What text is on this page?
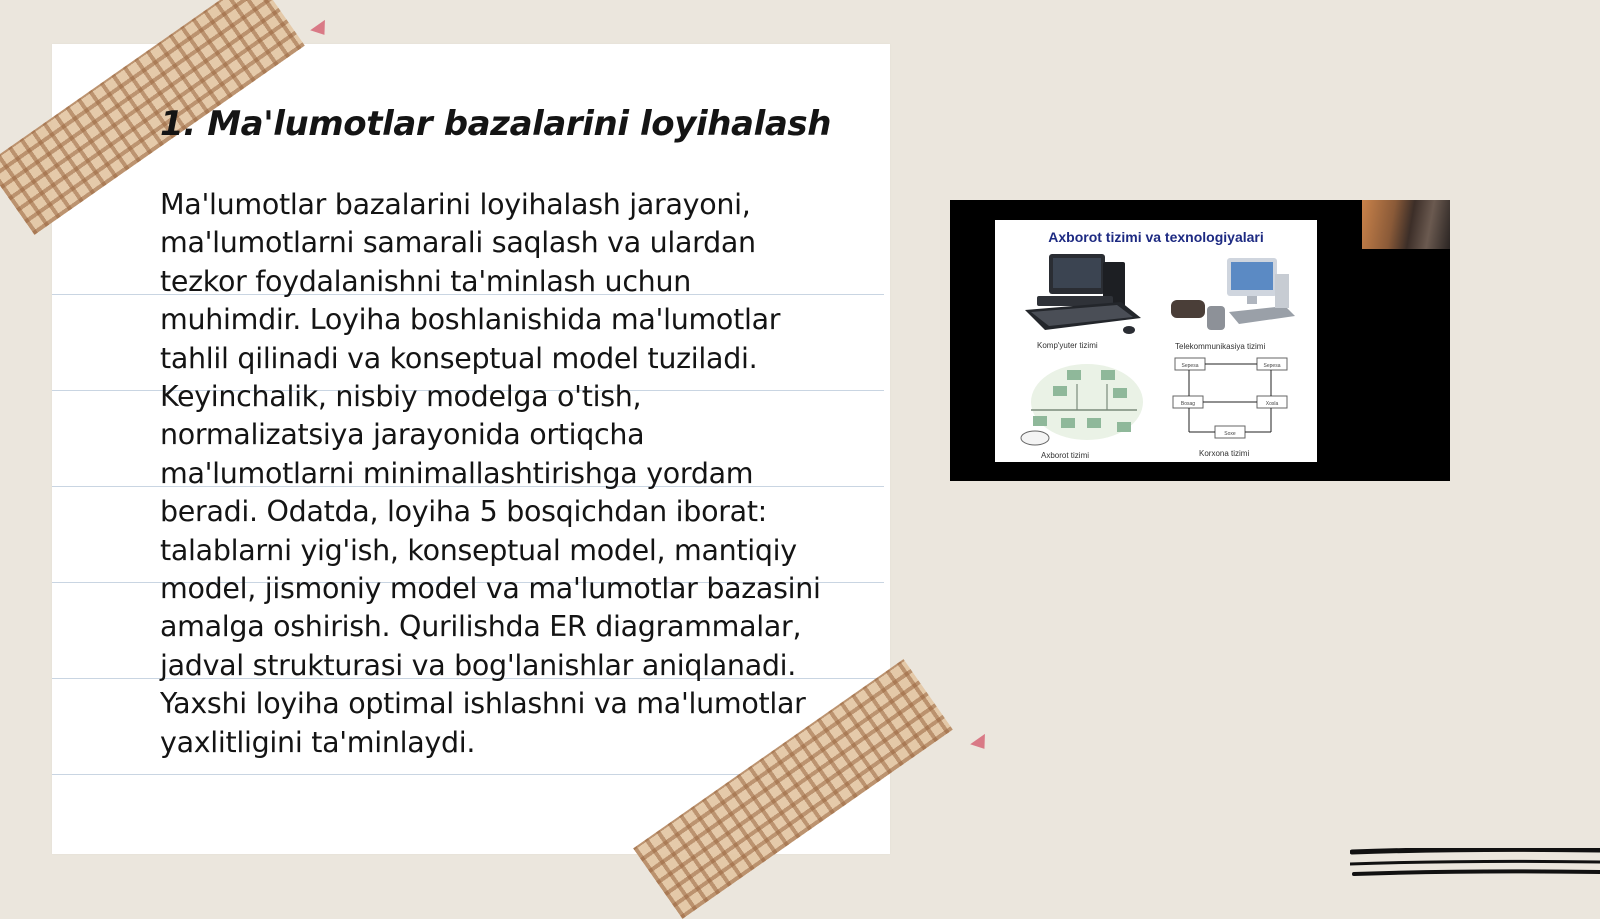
1. Ma'lumotlar bazalarini loyihalash

Ma'lumotlar bazalarini loyihalash jarayoni, ma'lumotlarni samarali saqlash va ulardan tezkor foydalanishni ta'minlash uchun muhimdir. Loyiha boshlanishida ma'lumotlar tahlil qilinadi va konseptual model tuziladi. Keyinchalik, nisbiy modelga o'tish, normalizatsiya jarayonida ortiqcha ma'lumotlarni minimallashtirishga yordam beradi. Odatda, loyiha 5 bosqichdan iborat: talablarni yig'ish, konseptual model, mantiqiy model, jismoniy model va ma'lumotlar bazasini amalga oshirish. Qurilishda ER diagrammalar, jadval strukturasi va bog'lanishlar aniqlanadi. Yaxshi loyiha optimal ishlashni va ma'lumotlar yaxlitligini ta'minlaydi.

Axborot tizimi va texnologiyalari
Komp'yuter tizimi	Telekommunikasiya tizimi
Axborot tizimi
Sepesa	Sepesa
Bosag	Xosla
Soxe
Korxona tizimi
